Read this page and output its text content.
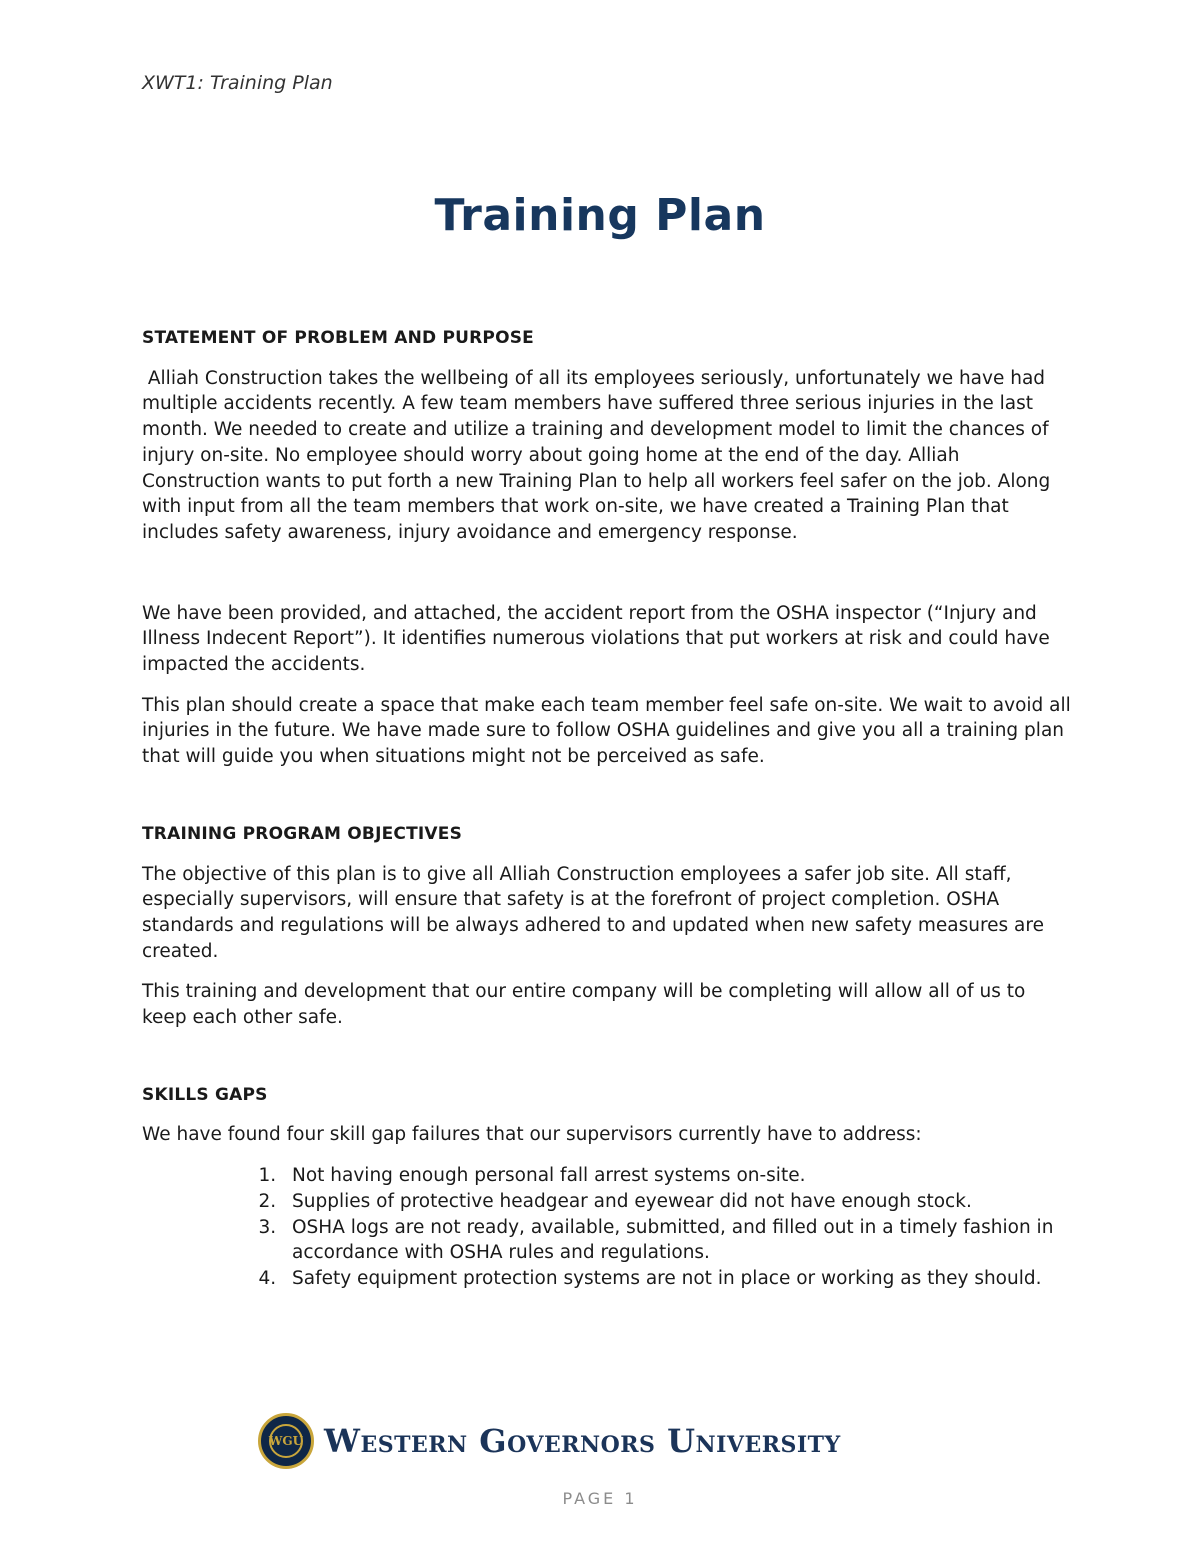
XWT1: Training Plan
Training Plan

STATEMENT OF PROBLEM AND PURPOSE

Alliah Construction takes the wellbeing of all its employees seriously, unfortunately we have had multiple accidents recently. A few team members have suffered three serious injuries in the last month. We needed to create and utilize a training and development model to limit the chances of injury on-site. No employee should worry about going home at the end of the day. Alliah Construction wants to put forth a new Training Plan to help all workers feel safer on the job. Along with input from all the team members that work on-site, we have created a Training Plan that includes safety awareness, injury avoidance and emergency response.

We have been provided, and attached, the accident report from the OSHA inspector (“Injury and Illness Indecent Report”). It identifies numerous violations that put workers at risk and could have impacted the accidents.

This plan should create a space that make each team member feel safe on-site. We wait to avoid all injuries in the future. We have made sure to follow OSHA guidelines and give you all a training plan that will guide you when situations might not be perceived as safe.

TRAINING PROGRAM OBJECTIVES

The objective of this plan is to give all Alliah Construction employees a safer job site. All staff, especially supervisors, will ensure that safety is at the forefront of project completion. OSHA standards and regulations will be always adhered to and updated when new safety measures are created.

This training and development that our entire company will be completing will allow all of us to keep each other safe.

SKILLS GAPS

We have found four skill gap failures that our supervisors currently have to address:

1. Not having enough personal fall arrest systems on-site.
2. Supplies of protective headgear and eyewear did not have enough stock.
3. OSHA logs are not ready, available, submitted, and filled out in a timely fashion in accordance with OSHA rules and regulations.
4. Safety equipment protection systems are not in place or working as they should.
WGU Western Governors University
PAGE 1
